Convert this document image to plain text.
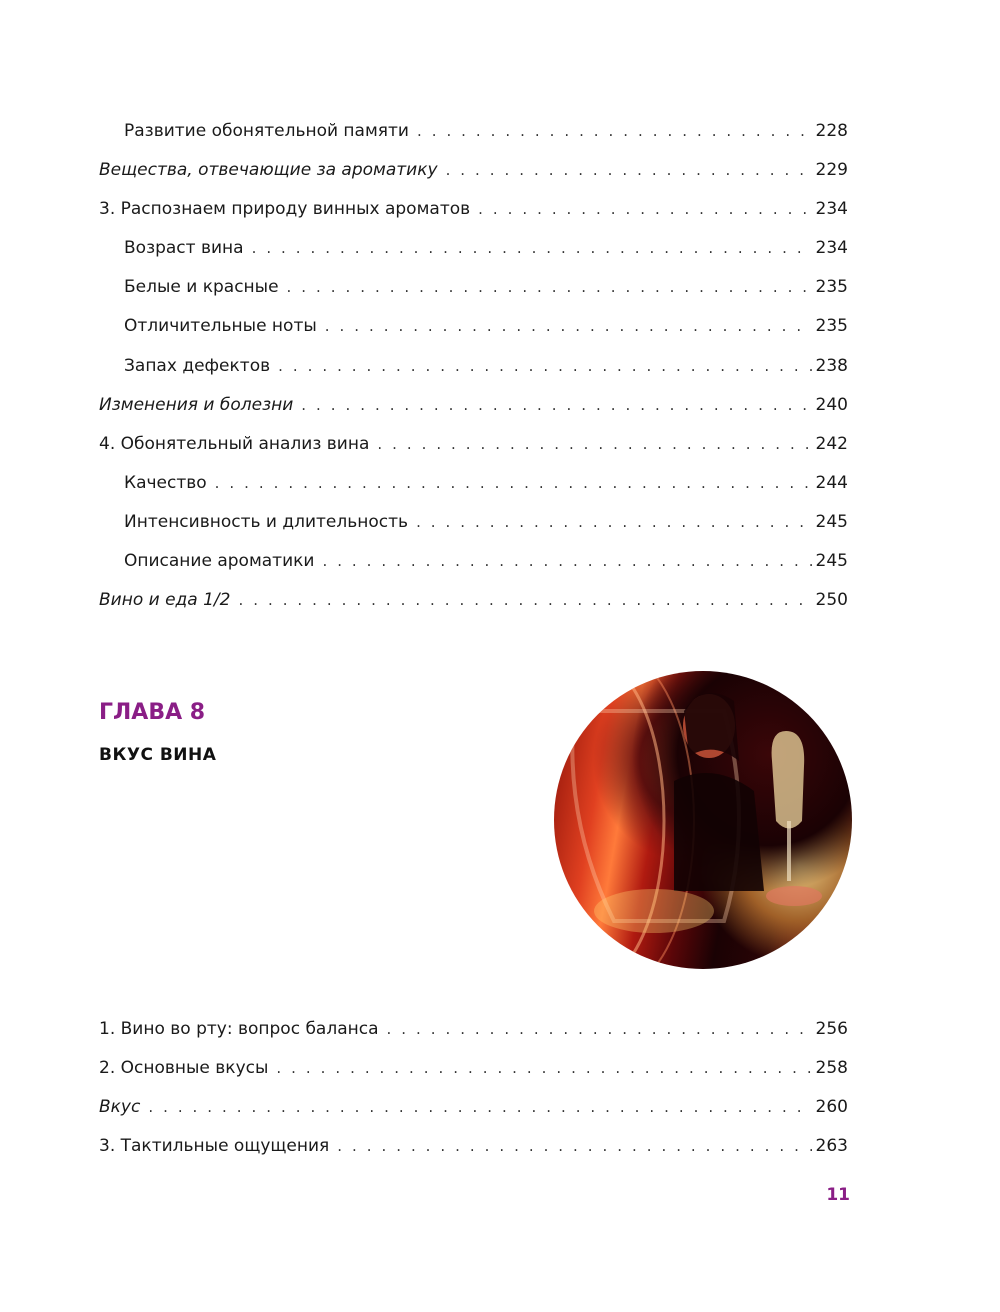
Развитие обонятельной памяти . . .	228
Вещества, отвечающие за ароматику . . .	229
3. Распознаем природу винных ароматов . . .	234
Возраст вина . . .	234
Белые и красные . . .	235
Отличительные ноты . . .	235
Запах дефектов . . .	238
Изменения и болезни . . .	240
4. Обонятельный анализ вина . . .	242
Качество . . .	244
Интенсивность и длительность . . .	245
Описание ароматики . . .	245
Вино и еда 1/2 . . .	250
ГЛАВА 8
ВКУС ВИНА
1. Вино во рту: вопрос баланса . . .	256
2. Основные вкусы . . .	258
Вкус . . .	260
3. Тактильные ощущения . . .	263
11
